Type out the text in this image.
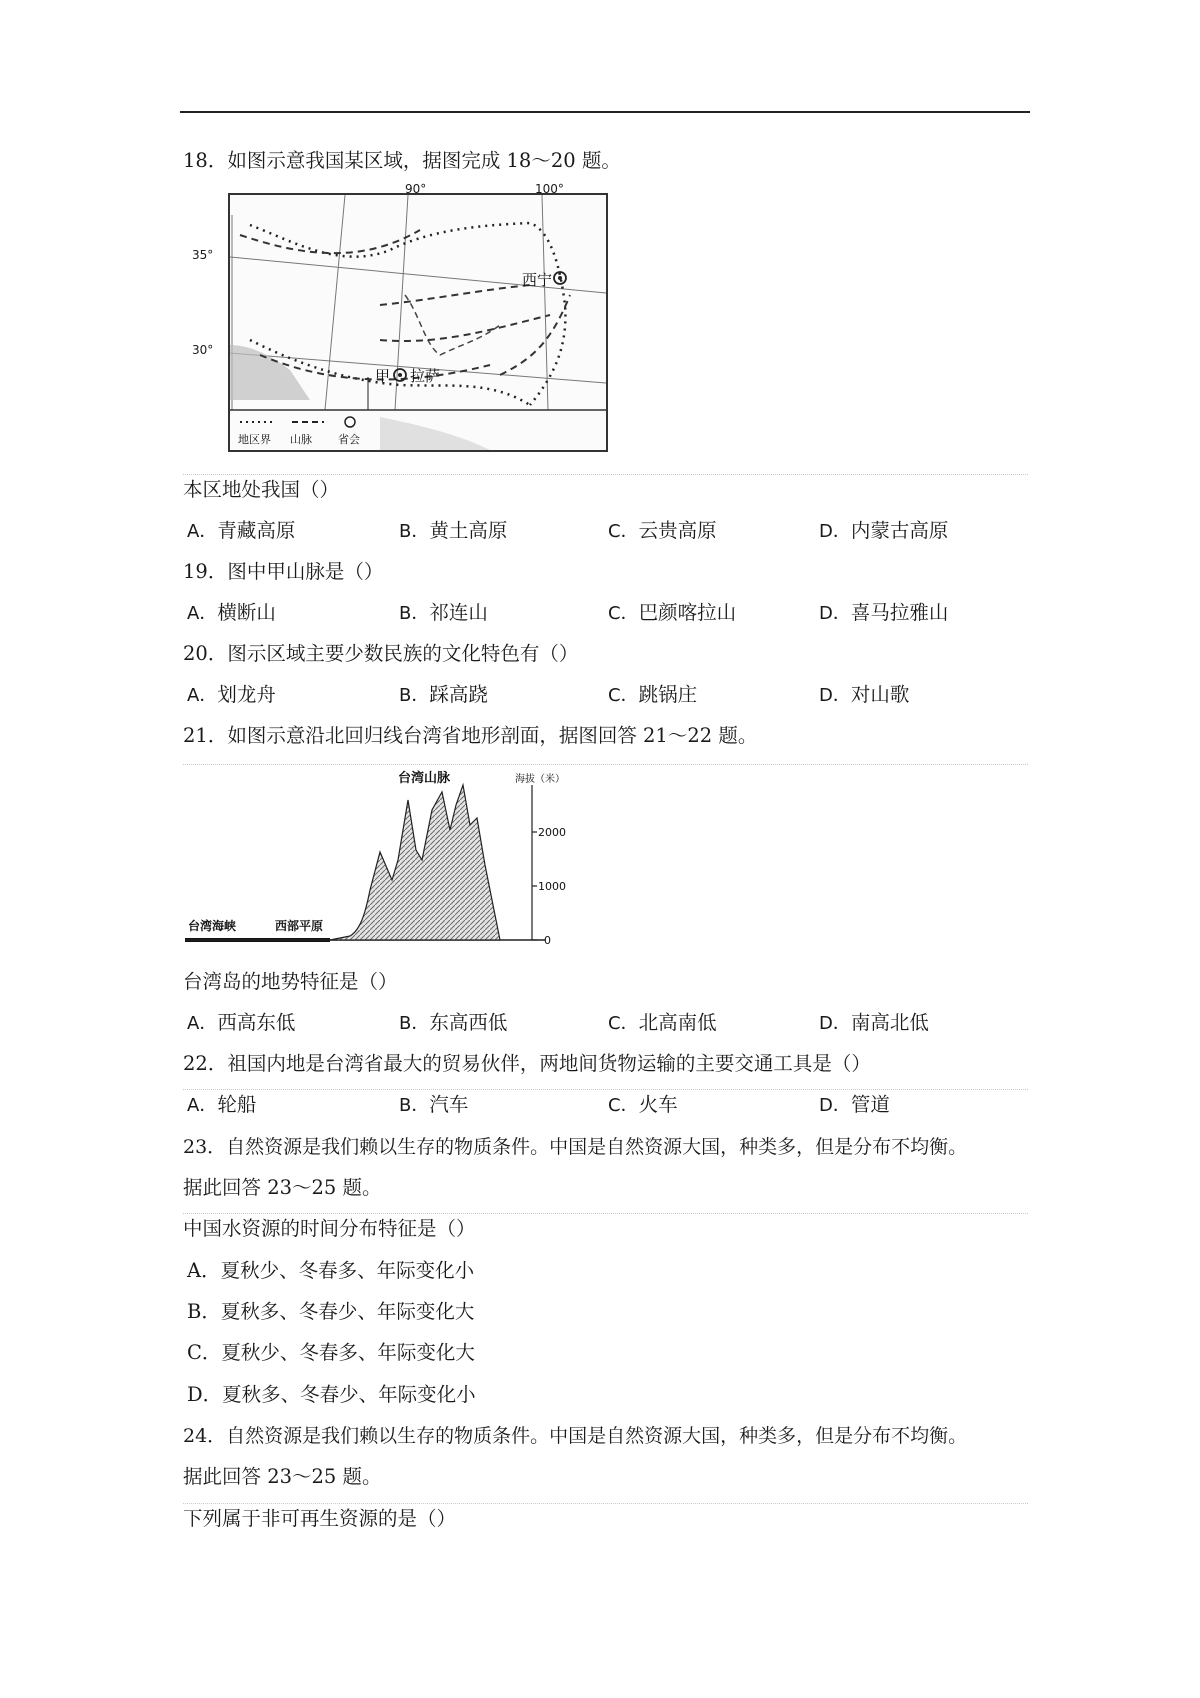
18．如图示意我国某区域，据图完成 18～20 题。
西宁
拉萨
甲
地区界 山脉 省会
90°	100°
35°
30°
本区地处我国（）
A．青藏高原	B．黄土高原	C．云贵高原	D．内蒙古高原
19．图中甲山脉是（）
A．横断山	B．祁连山	C．巴颜喀拉山	D．喜马拉雅山
20．图示区域主要少数民族的文化特色有（）
A．划龙舟	B．踩高跷	C．跳锅庄	D．对山歌
21．如图示意沿北回归线台湾省地形剖面，据图回答 21～22 题。
2000
1000
0
海拔（米）
台湾山脉
台湾海峡	西部平原
台湾岛的地势特征是（）
A．西高东低	B．东高西低	C．北高南低	D．南高北低
22．祖国内地是台湾省最大的贸易伙伴，两地间货物运输的主要交通工具是（）
A．轮船	B．汽车	C．火车	D．管道
23．自然资源是我们赖以生存的物质条件。中国是自然资源大国，种类多，但是分布不均衡。
据此回答 23～25 题。
中国水资源的时间分布特征是（）
A．夏秋少、冬春多、年际变化小
B．夏秋多、冬春少、年际变化大
C．夏秋少、冬春多、年际变化大
D．夏秋多、冬春少、年际变化小
24．自然资源是我们赖以生存的物质条件。中国是自然资源大国，种类多，但是分布不均衡。
据此回答 23～25 题。
下列属于非可再生资源的是（）
